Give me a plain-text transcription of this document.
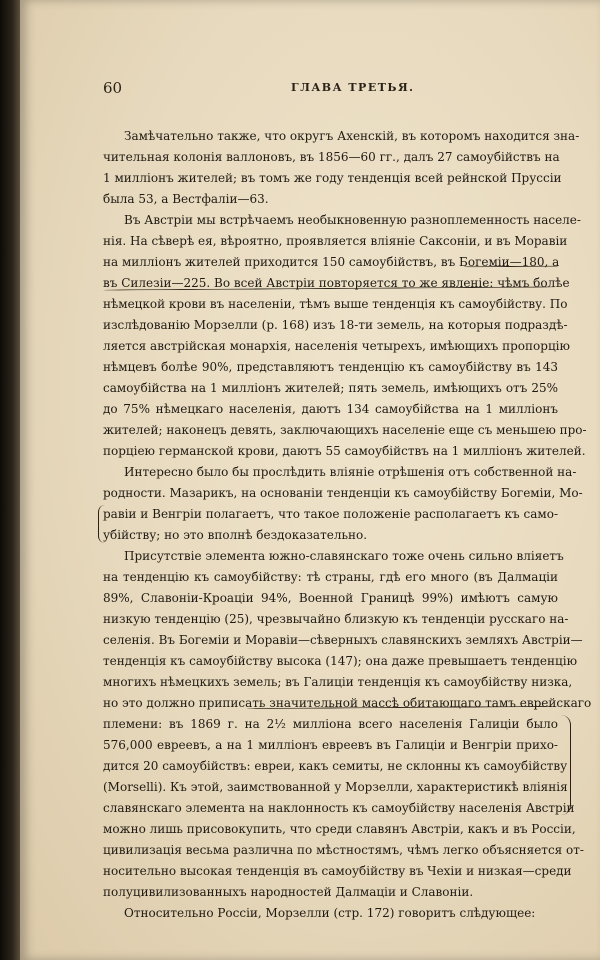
60	ГЛАВА ТРЕТЬЯ.
Замѣчательно также, что округъ Ахенскій, въ которомъ находится зна-
чительная колонія валлоновъ, въ 1856—60 гг., далъ 27 самоубійствъ на
1 милліонъ жителей; въ томъ же году тенденція всей рейнской Пруссіи
была 53, а Вестфаліи—63.
Въ Австріи мы встрѣчаемъ необыкновенную разноплеменность населе-
нія. На сѣверѣ ея, вѣроятно, проявляется вліяніе Саксоніи, и въ Моравіи
на милліонъ жителей приходится 150 самоубійствъ, въ Богеміи—180, а
въ Силезіи—225. Во всей Австріи повторяется то же явленіе: чѣмъ болѣе
нѣмецкой крови въ населеніи, тѣмъ выше тенденція къ самоубійству. По
изслѣдованію Морзелли (р. 168) изъ 18-ти земель, на которыя подраздѣ-
ляется австрійская монархія, населенія четырехъ, имѣющихъ пропорцію
нѣмцевъ болѣе 90%, представляютъ тенденцію къ самоубійству въ 143
самоубійства на 1 милліонъ жителей; пять земель, имѣющихъ отъ 25%
до 75% нѣмецкаго населенія, даютъ 134 самоубійства на 1 милліонъ
жителей; наконецъ девять, заключающихъ населеніе еще съ меньшею про-
порціею германской крови, даютъ 55 самоубійствъ на 1 милліонъ жителей.
Интересно было бы прослѣдить вліяніе отрѣшенія отъ собственной на-
родности. Мазарикъ, на основаніи тенденціи къ самоубійству Богеміи, Мо-
равіи и Венгріи полагаетъ, что такое положеніе располагаетъ къ само-
убійству; но это вполнѣ бездоказательно.
Присутствіе элемента южно-славянскаго тоже очень сильно вліяетъ
на тенденцію къ самоубійству: тѣ страны, гдѣ его много (въ Далмаціи
89%, Славоніи-Кроаціи 94%, Военной Границѣ 99%) имѣютъ самую
низкую тенденцію (25), чрезвычайно близкую къ тенденціи русскаго на-
селенія. Въ Богеміи и Моравіи—сѣверныхъ славянскихъ земляхъ Австріи—
тенденція къ самоубійству высока (147); она даже превышаетъ тенденцію
многихъ нѣмецкихъ земель; въ Галиціи тенденція къ самоубійству низка,
но это должно приписать значительной массѣ обитающаго тамъ еврейскаго
племени: въ 1869 г. на 2½ милліона всего населенія Галиціи было
576,000 евреевъ, а на 1 милліонъ евреевъ въ Галиціи и Венгріи прихо-
дится 20 самоубійствъ: евреи, какъ семиты, не склонны къ самоубійству
(Morselli). Къ этой, заимствованной у Морзелли, характеристикѣ вліянія
славянскаго элемента на наклонность къ самоубійству населенія Австріи
можно лишь присовокупить, что среди славянъ Австріи, какъ и въ Россіи,
цивилизація весьма различна по мѣстностямъ, чѣмъ легко объясняется от-
носительно высокая тенденція въ самоубійству въ Чехіи и низкая—среди
полуцивилизованныхъ народностей Далмаціи и Славоніи.
Относительно Россіи, Морзелли (стр. 172) говоритъ слѣдующее:
